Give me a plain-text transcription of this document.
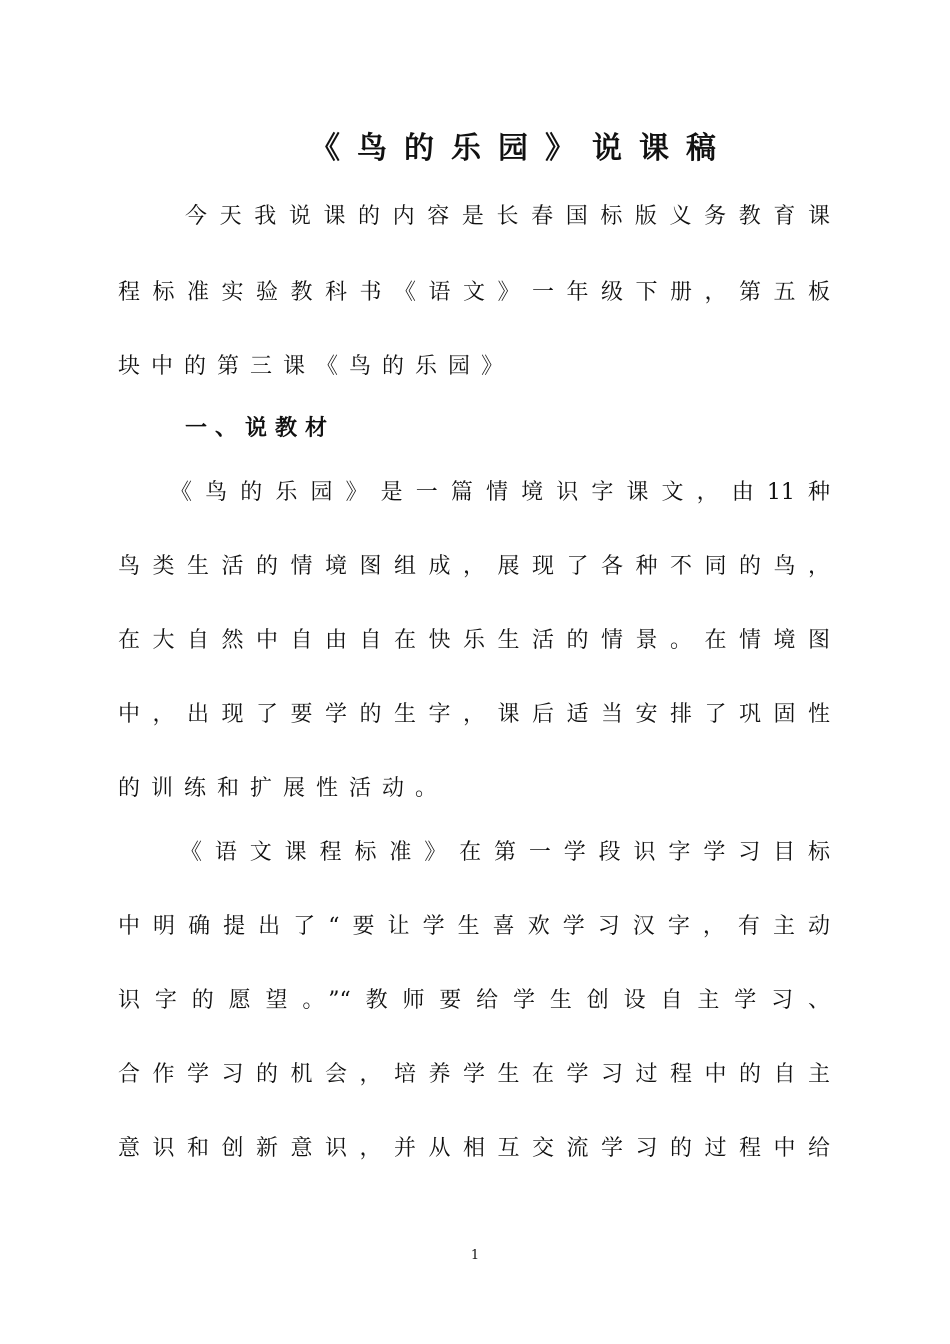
《鸟的乐园》说课稿
今天我说课的内容是长春国标版义务教育课
程标准实验教科书《语文》一年级下册，第五板
块中的第三课《鸟的乐园》
一、说教材
《鸟的乐园》是一篇情境识字课文，由11种
鸟类生活的情境图组成，展现了各种不同的鸟，
在大自然中自由自在快乐生活的情景。在情境图
中，出现了要学的生字，课后适当安排了巩固性
的训练和扩展性活动。
《语文课程标准》在第一学段识字学习目标
中明确提出了“要让学生喜欢学习汉字，有主动
识字的愿望。”“教师要给学生创设自主学习、
合作学习的机会，培养学生在学习过程中的自主
意识和创新意识，并从相互交流学习的过程中给
1
